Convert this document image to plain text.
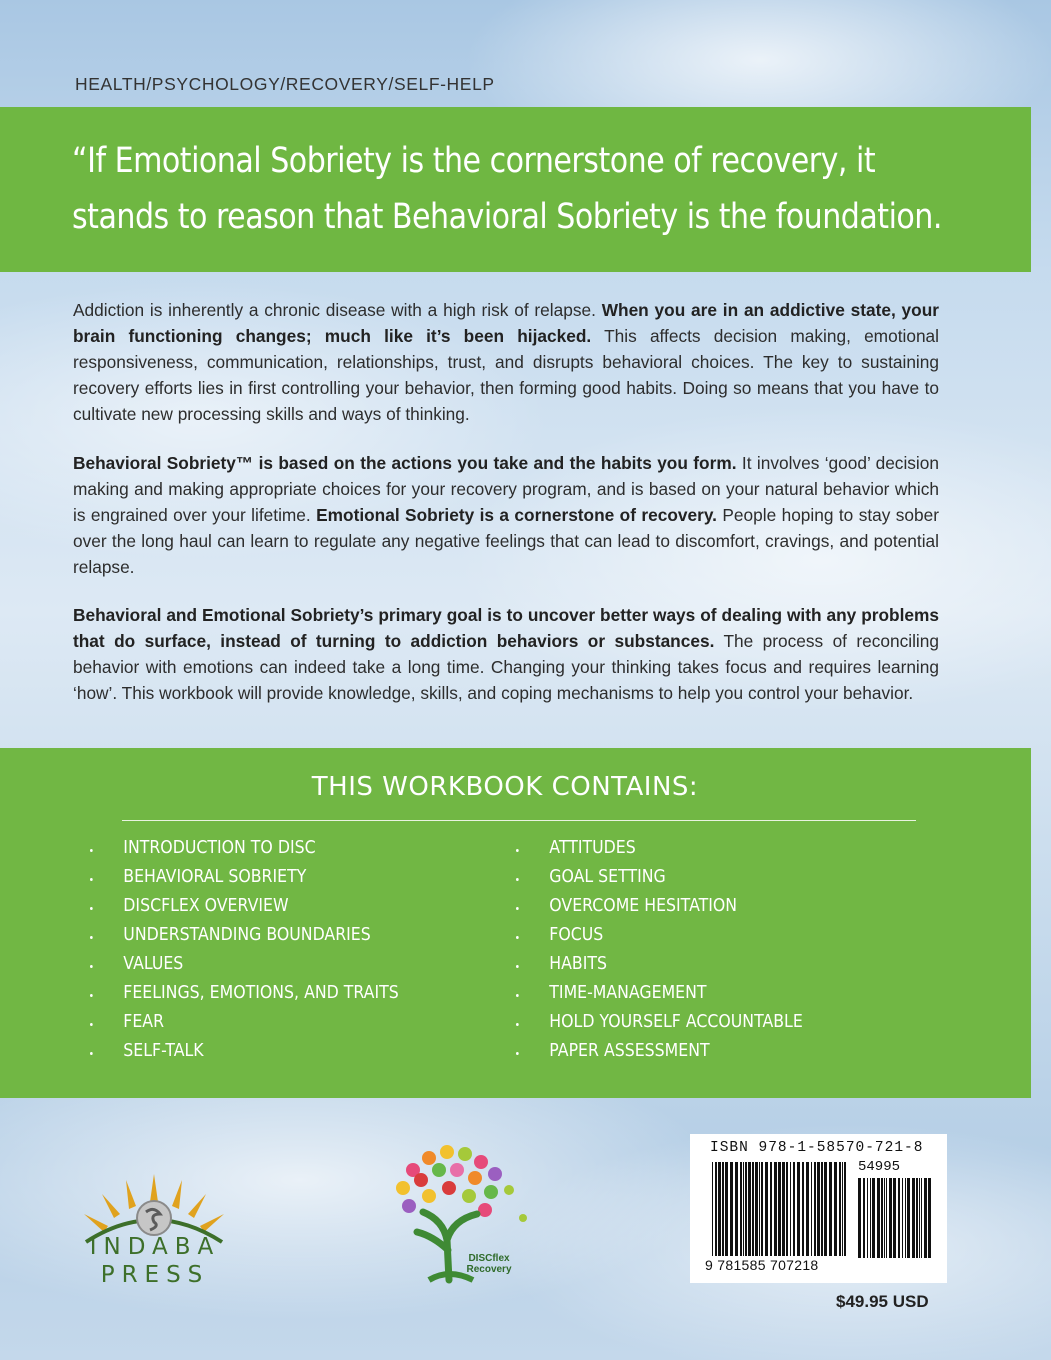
HEALTH/PSYCHOLOGY/RECOVERY/SELF-HELP
“If Emotional Sobriety is the cornerstone of recovery, it
stands to reason that Behavioral Sobriety is the foundation.
Addiction is inherently a chronic disease with a high risk of relapse. When you are in an addictive state, your brain functioning changes; much like it’s been hijacked. This affects decision making, emotional responsiveness, communication, relationships, trust, and disrupts behavioral choices. The key to sustaining recovery efforts lies in first controlling your behavior, then forming good habits. Doing so means that you have to cultivate new processing skills and ways of thinking.
Behavioral Sobriety™ is based on the actions you take and the habits you form. It involves ‘good’ decision making and making appropriate choices for your recovery program, and is based on your natural behavior which is engrained over your lifetime. Emotional Sobriety is a cornerstone of recovery. People hoping to stay sober over the long haul can learn to regulate any negative feelings that can lead to discomfort, cravings, and potential relapse.
Behavioral and Emotional Sobriety’s primary goal is to uncover better ways of dealing with any problems that do surface, instead of turning to addiction behaviors or substances. The process of reconciling behavior with emotions can indeed take a long time. Changing your thinking takes focus and requires learning ‘how’. This workbook will provide knowledge, skills, and coping mechanisms to help you control your behavior.
THIS WORKBOOK CONTAINS:
INTRODUCTION TO DISC
BEHAVIORAL SOBRIETY
DISCFLEX OVERVIEW
UNDERSTANDING BOUNDARIES
VALUES
FEELINGS, EMOTIONS, AND TRAITS
FEAR
SELF-TALK
ATTITUDES
GOAL SETTING
OVERCOME HESITATION
FOCUS
HABITS
TIME-MANAGEMENT
HOLD YOURSELF ACCOUNTABLE
PAPER ASSESSMENT
INDABA
PRESS
DISCflex
Recovery
ISBN 978-1-58570-721-8
54995
9 781585 707218
$49.95 USD
